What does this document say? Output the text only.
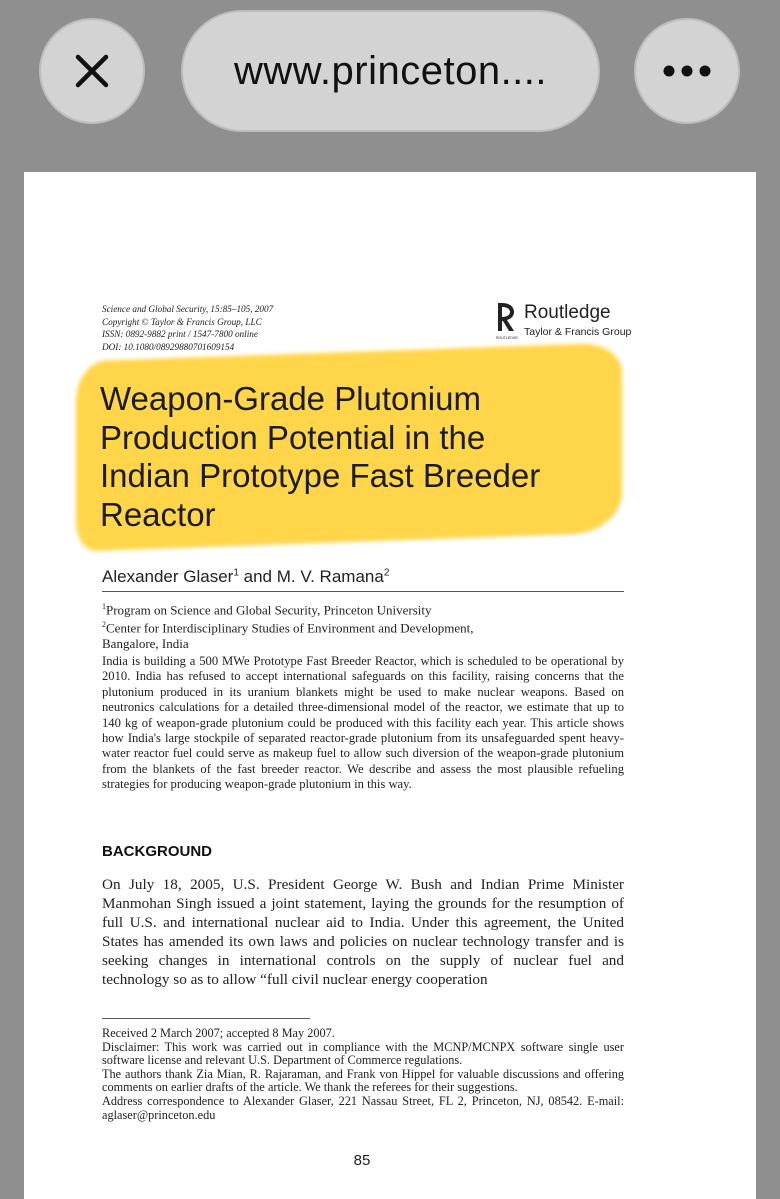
www.princeton....
Science and Global Security, 15:85–105, 2007
Copyright © Taylor & Francis Group, LLC
ISSN: 0892-9882 print / 1547-7800 online
DOI: 10.1080/08929880701609154
ROUTLEDGE
Routledge
Taylor & Francis Group
Weapon-Grade Plutonium
Production Potential in the
Indian Prototype Fast Breeder
Reactor
Alexander Glaser$^1$ and M. V. Ramana$^2$
$^1$Program on Science and Global Security, Princeton University
$^2$Center for Interdisciplinary Studies of Environment and Development,
Bangalore, India
India is building a 500 MWe Prototype Fast Breeder Reactor, which is scheduled to be operational by 2010. India has refused to accept international safeguards on this facility, raising concerns that the plutonium produced in its uranium blankets might be used to make nuclear weapons. Based on neutronics calculations for a detailed three-dimensional model of the reactor, we estimate that up to 140 kg of weapon-grade plutonium could be produced with this facility each year. This article shows how India's large stockpile of separated reactor-grade plutonium from its unsafeguarded spent heavy-water reactor fuel could serve as makeup fuel to allow such diversion of the weapon-grade plutonium from the blankets of the fast breeder reactor. We describe and assess the most plausible refueling strategies for producing weapon-grade plutonium in this way.
BACKGROUND
On July 18, 2005, U.S. President George W. Bush and Indian Prime Minister Manmohan Singh issued a joint statement, laying the grounds for the resumption of full U.S. and international nuclear aid to India. Under this agreement, the United States has amended its own laws and policies on nuclear technology transfer and is seeking changes in international controls on the supply of nuclear fuel and technology so as to allow “full civil nuclear energy cooperation

Received 2 March 2007; accepted 8 May 2007.

Disclaimer: This work was carried out in compliance with the MCNP/MCNPX software single user software license and relevant U.S. Department of Commerce regulations.

The authors thank Zia Mian, R. Rajaraman, and Frank von Hippel for valuable discussions and offering comments on earlier drafts of the article. We thank the referees for their suggestions.

Address correspondence to Alexander Glaser, 221 Nassau Street, FL 2, Princeton, NJ, 08542. E-mail: aglaser@princeton.edu

85
